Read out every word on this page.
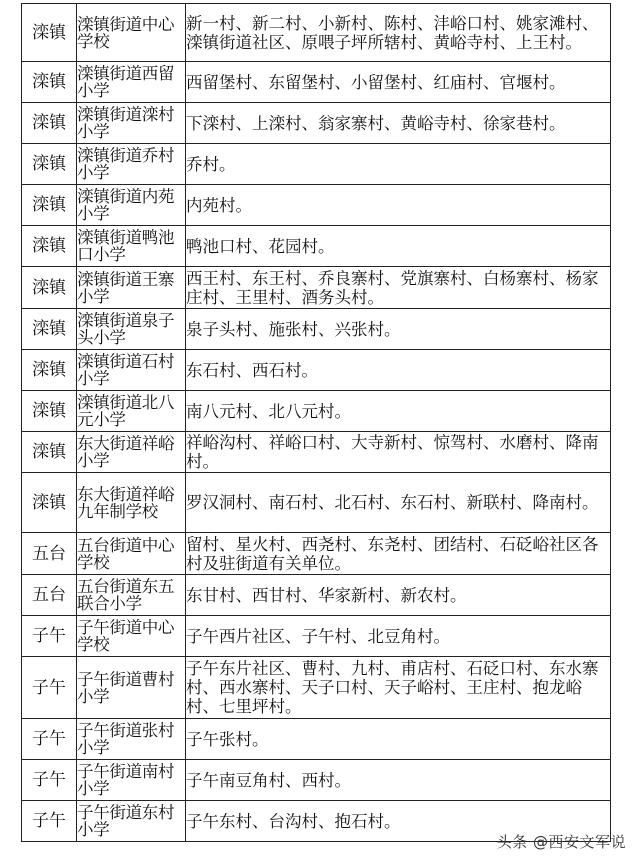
滦镇	滦镇街道中心学校	新一村、新二村、小新村、陈村、沣峪口村、姚家滩村、滦镇街道社区、原喂子坪所辖村、黄峪寺村、上王村。
滦镇	滦镇街道西留小学	西留堡村、东留堡村、小留堡村、红庙村、官堰村。
滦镇	滦镇街道滦村小学	下滦村、上滦村、翁家寨村、黄峪寺村、徐家巷村。
滦镇	滦镇街道乔村小学	乔村。
滦镇	滦镇街道内苑小学	内苑村。
滦镇	滦镇街道鸭池口小学	鸭池口村、花园村。
滦镇	滦镇街道王寨小学	西王村、东王村、乔良寨村、党旗寨村、白杨寨村、杨家庄村、王里村、酒务头村。
滦镇	滦镇街道泉子头小学	泉子头村、施张村、兴张村。
滦镇	滦镇街道石村小学	东石村、西石村。
滦镇	滦镇街道北八元小学	南八元村、北八元村。
滦镇	东大街道祥峪小学	祥峪沟村、祥峪口村、大寺新村、惊驾村、水磨村、降南村。
滦镇	东大街道祥峪九年制学校	罗汉洞村、南石村、北石村、东石村、新联村、降南村。
五台	五台街道中心学校	留村、星火村、西尧村、东尧村、团结村、石砭峪社区各村及驻街道有关单位。
五台	五台街道东五联合小学	东甘村、西甘村、华家新村、新农村。
子午	子午街道中心学校	子午西片社区、子午村、北豆角村。
子午	子午街道曹村小学	子午东片社区、曹村、九村、甫店村、石砭口村、东水寨村、西水寨村、天子口村、天子峪村、王庄村、抱龙峪村、七里坪村。
子午	子午街道张村小学	子午张村。
子午	子午街道南村小学	子午南豆角村、西村。
子午	子午街道东村小学	子午东村、台沟村、抱石村。
头条 @西安文军说
